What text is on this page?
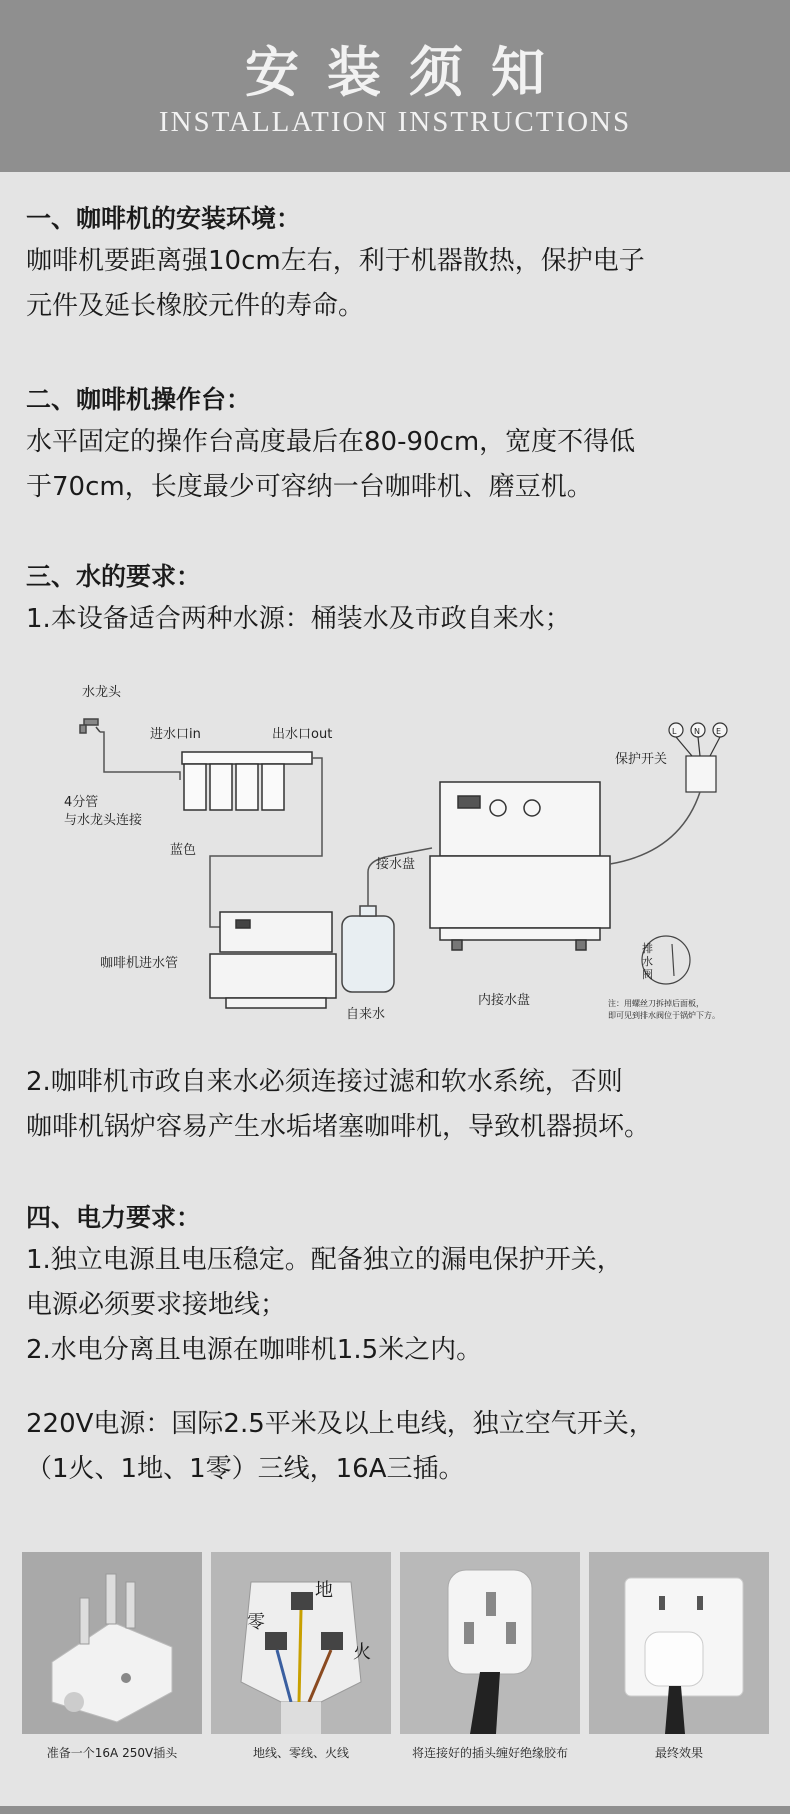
安装须知
INSTALLATION INSTRUCTIONS
一、咖啡机的安装环境：
咖啡机要距离强10cm左右，利于机器散热，保护电子
元件及延长橡胶元件的寿命。
二、咖啡机操作台：
水平固定的操作台高度最后在80-90cm，宽度不得低
于70cm，长度最少可容纳一台咖啡机、磨豆机。
三、水的要求：
1.本设备适合两种水源：桶装水及市政自来水；
水龙头
4分管
与水龙头连接
进水口in	出水口out
蓝色
咖啡机进水管
自来水
接水盘
内接水盘
L N E
保护开关
排
水
阀
注：用螺丝刀拆掉后面板，
即可见到排水阀位于锅炉下方。
2.咖啡机市政自来水必须连接过滤和软水系统，否则
咖啡机锅炉容易产生水垢堵塞咖啡机，导致机器损坏。
四、电力要求：
1.独立电源且电压稳定。配备独立的漏电保护开关，
电源必须要求接地线；
2.水电分离且电源在咖啡机1.5米之内。
220V电源：国际2.5平米及以上电线，独立空气开关，
（1火、1地、1零）三线，16A三插。
地
零
火
准备一个16A 250V插头	地线、零线、火线	将连接好的插头缠好绝缘胶布	最终效果
